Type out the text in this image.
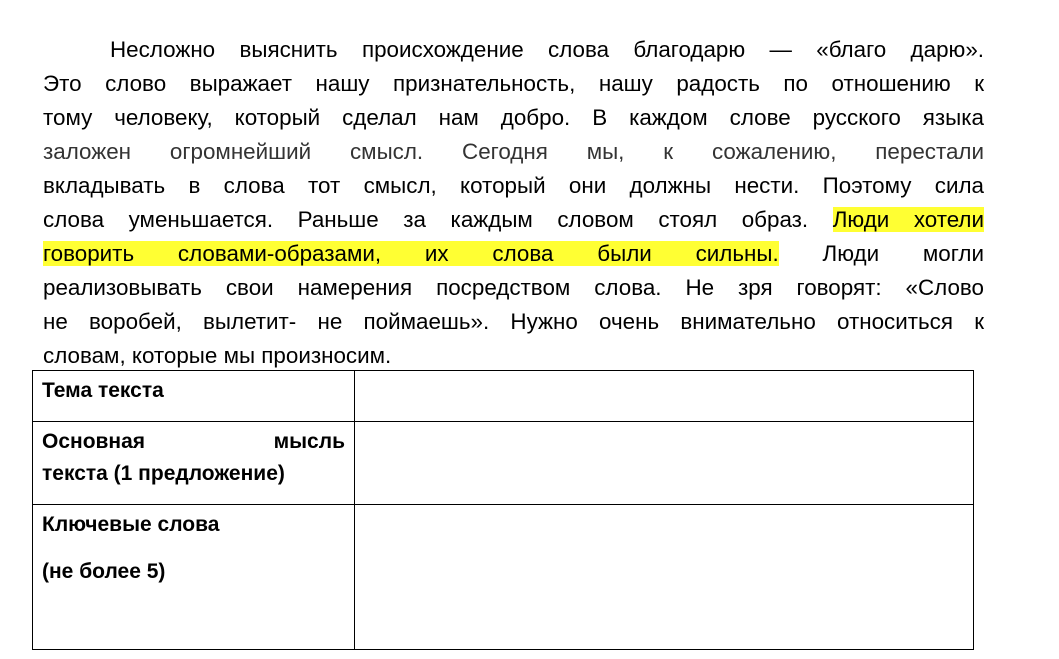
Несложно выяснить происхождение слова благодарю — «благо дарю».
Это слово выражает нашу признательность, нашу радость по отношению к
тому человеку, который сделал нам добро. В каждом слове русского языка
заложен огромнейший смысл. Сегодня мы, к сожалению, перестали
вкладывать в слова тот смысл, который они должны нести. Поэтому сила
слова уменьшается. Раньше за каждым словом стоял образ. Люди хотели
говорить словами-образами, их слова были сильны. Люди могли
реализовывать свои намерения посредством слова. Не зря говорят: «Слово
не воробей, вылетит- не поймаешь». Нужно очень внимательно относиться к
словам, которые мы произносим.
Тема текста	

Основная мысль
текста (1 предложение)	

Ключевые слова
(не более 5)	
